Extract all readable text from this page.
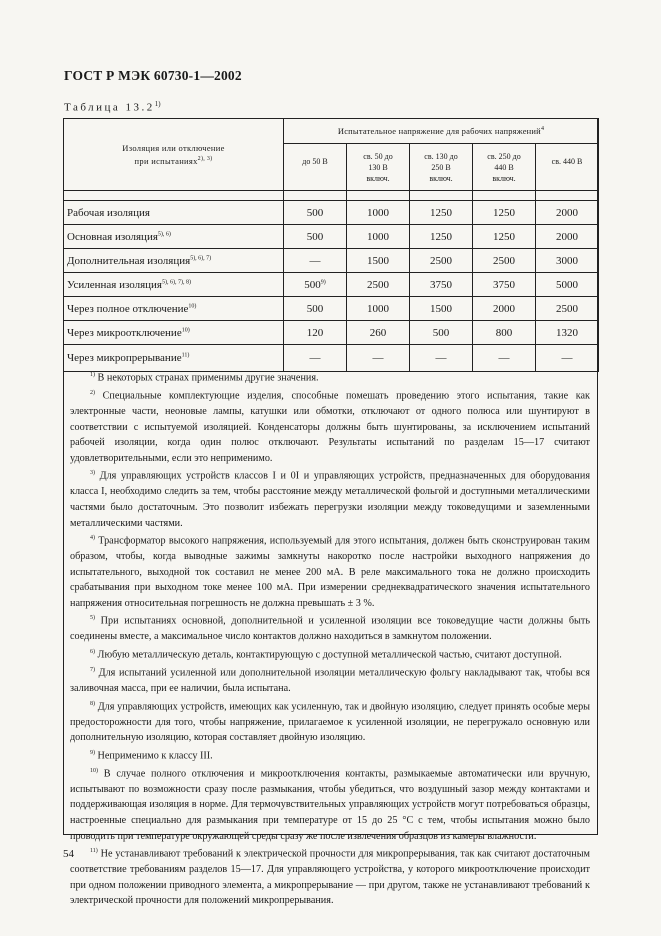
ГОСТ Р МЭК 60730-1—2002
Таблица 13.2$^{1)}$
Изоляция или отключение
при испытаниях$^{2), 3)}$	Испытательное напряжение для рабочих напряжений$^4$
	до 50 В	св. 50 до
130 В
включ.	св. 130 до
250 В
включ.	св. 250 до
440 В
включ.	св. 440 В

Рабочая изоляция	500	1000	1250	1250	2000
Основная изоляция$^{5), 6)}$	500	1000	1250	1250	2000
Дополнительная изоляция$^{5), 6), 7)}$	—	1500	2500	2500	3000
Усиленная изоляция$^{5), 6), 7), 8)}$	500$^{9)}$	2500	3750	3750	5000
Через полное отключение$^{10)}$	500	1000	1500	2000	2500
Через микроотключение$^{10)}$	120	260	500	800	1320
Через микропрерывание$^{11)}$	—	—	—	—	—

$^{1)}$ В некоторых странах применимы другие значения.

$^{2)}$ Специальные комплектующие изделия, способные помешать проведению этого испытания, такие как электронные части, неоновые лампы, катушки или обмотки, отключают от одного полюса или шунтируют в соответствии с испытуемой изоляцией. Конденсаторы должны быть шунтированы, за исключением испытаний рабочей изоляции, когда один полюс отключают. Результаты испытаний по разделам 15—17 считают удовлетворительными, если это неприменимо.

$^{3)}$ Для управляющих устройств классов I и 0I и управляющих устройств, предназначенных для оборудования класса I, необходимо следить за тем, чтобы расстояние между металлической фольгой и доступными металлическими частями было достаточным. Это позволит избежать перегрузки изоляции между токоведущими и заземленными металлическими частями.

$^{4)}$ Трансформатор высокого напряжения, используемый для этого испытания, должен быть сконструирован таким образом, чтобы, когда выводные зажимы замкнуты накоротко после настройки выходного напряжения до испытательного, выходной ток составил не менее 200 мА. В реле максимального тока не должно происходить срабатывания при выходном токе менее 100 мА. При измерении среднеквадратического значения испытательного напряжения относительная погрешность не должна превышать ± 3 %.

$^{5)}$ При испытаниях основной, дополнительной и усиленной изоляции все токоведущие части должны быть соединены вместе, а максимальное число контактов должно находиться в замкнутом положении.

$^{6)}$ Любую металлическую деталь, контактирующую с доступной металлической частью, считают доступной.

$^{7)}$ Для испытаний усиленной или дополнительной изоляции металлическую фольгу накладывают так, чтобы вся заливочная масса, при ее наличии, была испытана.

$^{8)}$ Для управляющих устройств, имеющих как усиленную, так и двойную изоляцию, следует принять особые меры предосторожности для того, чтобы напряжение, прилагаемое к усиленной изоляции, не перегружало основную или дополнительную изоляцию, которая составляет двойную изоляцию.

$^{9)}$ Неприменимо к классу III.

$^{10)}$ В случае полного отключения и микроотключения контакты, размыкаемые автоматически или вручную, испытывают по возможности сразу после размыкания, чтобы убедиться, что воздушный зазор между контактами и поддерживающая изоляция в норме. Для термочувствительных управляющих устройств могут потребоваться образцы, настроенные специально для размыкания при температуре от 15 до 25 °С с тем, чтобы испытания можно было проводить при температуре окружающей среды сразу же после извлечения образцов из камеры влажности.

$^{11)}$ Не устанавливают требований к электрической прочности для микропрерывания, так как считают достаточным соответствие требованиям разделов 15—17. Для управляющего устройства, у которого микроотключение происходит при одном положении приводного элемента, а микропрерывание — при другом, также не устанавливают требований к электрической прочности для положений микропрерывания.

54
